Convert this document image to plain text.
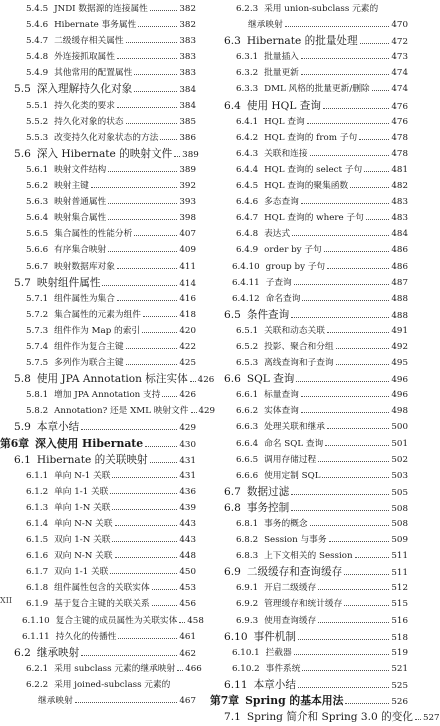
5.4.5 JNDI 数据源的连接属性	382
5.4.6 Hibernate 事务属性	382
5.4.7 二级缓存相关属性	383
5.4.8 外连接抓取属性	383
5.4.9 其他常用的配置属性	383
5.5 深入理解持久化对象	384
5.5.1 持久化类的要求	384
5.5.2 持久化对象的状态	385
5.5.3 改变持久化对象状态的方法 386
5.6 深入 Hibernate 的映射文件 389
5.6.1 映射文件结构	389
5.6.2 映射主键	392
5.6.3 映射普通属性	393
5.6.4 映射集合属性	398
5.6.5 集合属性的性能分析	407
5.6.6 有序集合映射	409
5.6.7 映射数据库对象	411
5.7 映射组件属性	414
5.7.1 组件属性为集合	416
5.7.2 集合属性的元素为组件	418
5.7.3 组件作为 Map 的索引	420
5.7.4 组件作为复合主键	422
5.7.5 多列作为联合主键	425
5.8 使用 JPA Annotation 标注实体 426
5.8.1 增加 JPA Annotation 支持 426
5.8.2 Annotation? 还是 XML 映射文件 429
5.9 本章小结	429
第6章 深入使用 Hibernate	430
6.1 Hibernate 的关联映射	431
6.1.1 单向 N-1 关联	431
6.1.2 单向 1-1 关联	436
6.1.3 单向 1-N 关联	439
6.1.4 单向 N-N 关联	443
6.1.5 双向 1-N 关联	443
6.1.6 双向 N-N 关联	448
6.1.7 双向 1-1 关联	450
6.1.8 组件属性包含的关联实体	453
6.1.9 基于复合主键的关联关系	456
6.1.10 复合主键的成员属性为关联实体 458
6.1.11 持久化的传播性	461
6.2 继承映射	462
6.2.1 采用 subclass 元素的继承映射 466
6.2.2 采用 joined-subclass 元素的
继承映射	467
6.2.3 采用 union-subclass 元素的
继承映射	470
6.3 Hibernate 的批量处理	472
6.3.1 批量插入	473
6.3.2 批量更新	474
6.3.3 DML 风格的批量更新/删除	474
6.4 使用 HQL 查询	476
6.4.1 HQL 查询	476
6.4.2 HQL 查询的 from 子句	478
6.4.3 关联和连接	478
6.4.4 HQL 查询的 select 子句	481
6.4.5 HQL 查询的聚集函数	482
6.4.6 多态查询	483
6.4.7 HQL 查询的 where 子句	483
6.4.8 表达式	484
6.4.9 order by 子句	486
6.4.10 group by 子句	486
6.4.11 子查询	487
6.4.12 命名查询	488
6.5 条件查询	488
6.5.1 关联和动态关联	491
6.5.2 投影、聚合和分组	492
6.5.3 离线查询和子查询	495
6.6 SQL 查询	496
6.6.1 标量查询	496
6.6.2 实体查询	498
6.6.3 处理关联和继承	500
6.6.4 命名 SQL 查询	501
6.6.5 调用存储过程	502
6.6.6 使用定制 SQL	503
6.7 数据过滤	505
6.8 事务控制	508
6.8.1 事务的概念	508
6.8.2 Session 与事务	509
6.8.3 上下文相关的 Session	511
6.9 二级缓存和查询缓存	511
6.9.1 开启二级缓存	512
6.9.2 管理缓存和统计缓存	515
6.9.3 使用查询缓存	516
6.10 事件机制	518
6.10.1 拦截器	519
6.10.2 事件系统	521
6.11 本章小结	525
第7章 Spring 的基本用法	526
7.1 Spring 简介和 Spring 3.0 的变化 527
XII
